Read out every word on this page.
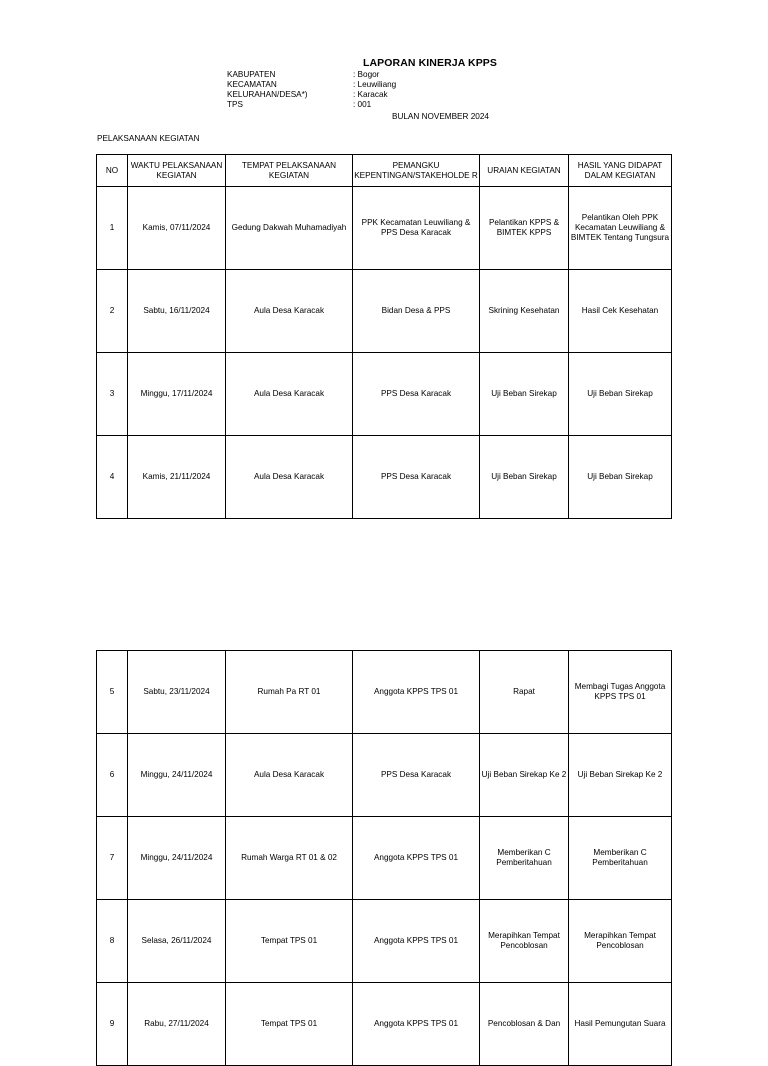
LAPORAN KINERJA KPPS
KABUPATEN	: Bogor
KECAMATAN	: Leuwiliang
KELURAHAN/DESA*)	: Karacak
TPS	: 001
BULAN NOVEMBER 2024
PELAKSANAAN KEGIATAN
NO	WAKTU PELAKSANAAN KEGIATAN	TEMPAT PELAKSANAAN KEGIATAN	PEMANGKU KEPENTINGAN/STAKEHOLDE R	URAIAN KEGIATAN	HASIL YANG DIDAPAT DALAM KEGIATAN
1	Kamis, 07/11/2024	Gedung Dakwah Muhamadiyah	PPK Kecamatan Leuwiliang & PPS Desa Karacak	Pelantikan KPPS & BIMTEK KPPS	Pelantikan Oleh PPK Kecamatan Leuwiliang & BIMTEK Tentang Tungsura
2	Sabtu, 16/11/2024	Aula Desa Karacak	Bidan Desa & PPS	Skrining Kesehatan	Hasil Cek Kesehatan
3	Minggu, 17/11/2024	Aula Desa Karacak	PPS Desa Karacak	Uji Beban Sirekap	Uji Beban Sirekap
4	Kamis, 21/11/2024	Aula Desa Karacak	PPS Desa Karacak	Uji Beban Sirekap	Uji Beban Sirekap
5	Sabtu, 23/11/2024	Rumah Pa RT 01	Anggota KPPS TPS 01	Rapat	Membagi Tugas Anggota KPPS TPS 01
6	Minggu, 24/11/2024	Aula Desa Karacak	PPS Desa Karacak	Uji Beban Sirekap Ke 2	Uji Beban Sirekap Ke 2
7	Minggu, 24/11/2024	Rumah Warga RT 01 & 02	Anggota KPPS TPS 01	Memberikan C Pemberitahuan	Memberikan C Pemberitahuan
8	Selasa, 26/11/2024	Tempat TPS 01	Anggota KPPS TPS 01	Merapihkan Tempat Pencoblosan	Merapihkan Tempat Pencoblosan
9	Rabu, 27/11/2024	Tempat TPS 01	Anggota KPPS TPS 01	Pencoblosan & Dan	Hasil Pemungutan Suara
